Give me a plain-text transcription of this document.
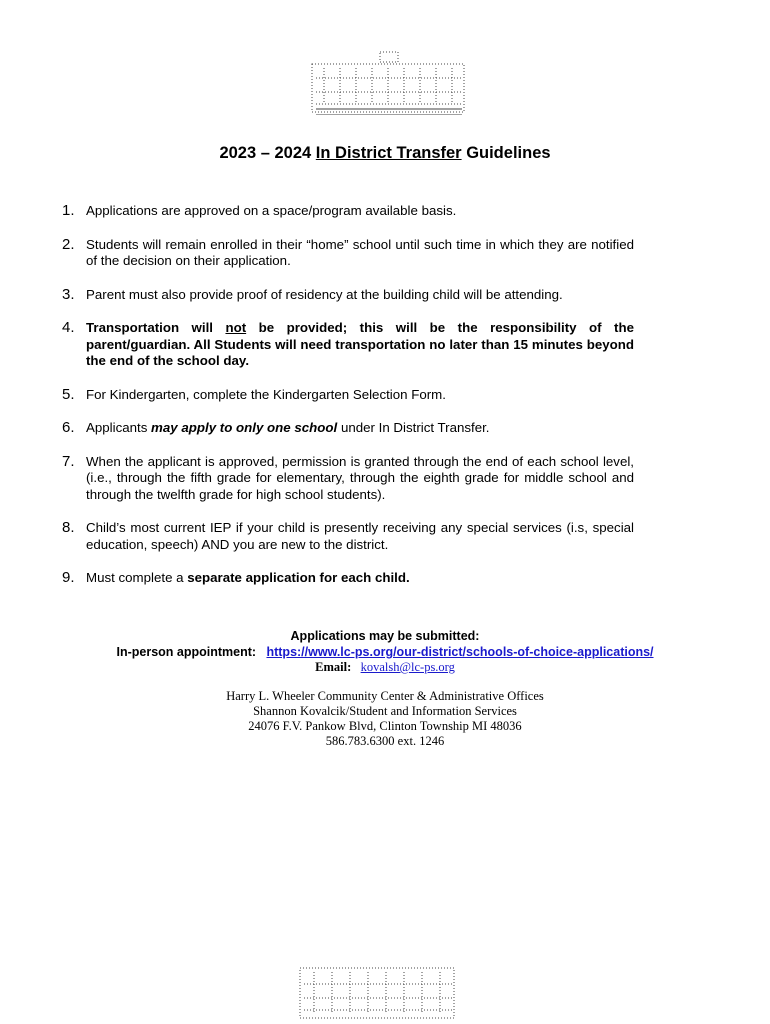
2023 – 2024 In District Transfer Guidelines
1. Applications are approved on a space/program available basis.
2. Students will remain enrolled in their “home” school until such time in which they are notified of the decision on their application.
3. Parent must also provide proof of residency at the building child will be attending.
4. Transportation will not be provided; this will be the responsibility of the parent/guardian. All Students will need transportation no later than 15 minutes beyond the end of the school day.
5. For Kindergarten, complete the Kindergarten Selection Form.
6. Applicants may apply to only one school under In District Transfer.
7. When the applicant is approved, permission is granted through the end of each school level, (i.e., through the fifth grade for elementary, through the eighth grade for middle school and through the twelfth grade for high school students).
8. Child’s most current IEP if your child is presently receiving any special services (i.s, special education, speech) AND you are new to the district.
9. Must complete a separate application for each child.
Applications may be submitted:
In-person appointment: https://www.lc-ps.org/our-district/schools-of-choice-applications/
Email: kovalsh@lc-ps.org
Harry L. Wheeler Community Center & Administrative Offices
Shannon Kovalcik/Student and Information Services
24076 F.V. Pankow Blvd, Clinton Township MI 48036
586.783.6300 ext. 1246
